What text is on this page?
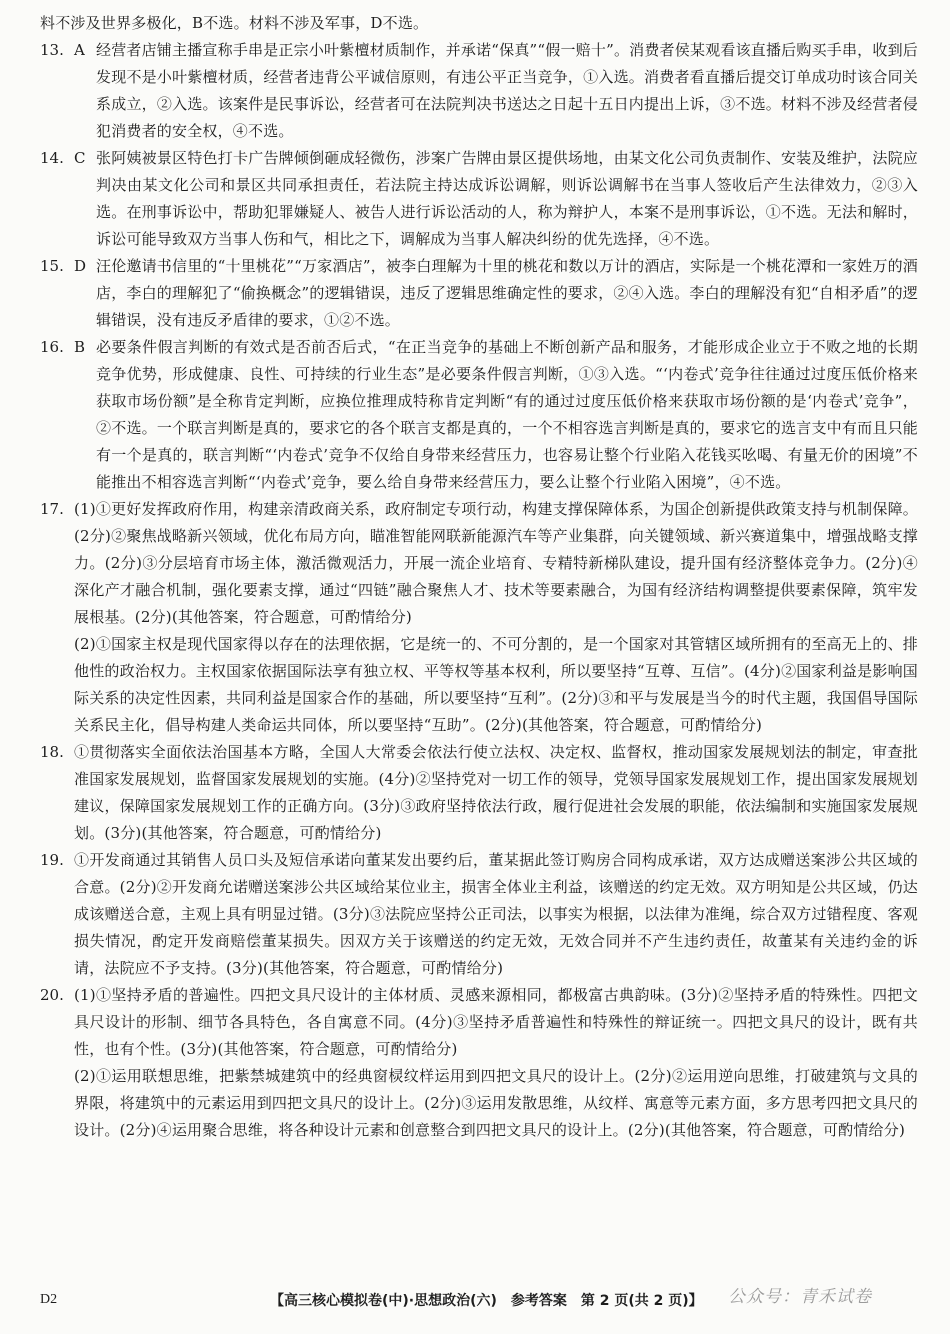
料不涉及世界多极化，B不选。材料不涉及军事，D不选。

13. A 经营者店铺主播宣称手串是正宗小叶紫檀材质制作，并承诺“保真”“假一赔十”。消费者侯某观看该直播后购买手串，收到后发现不是小叶紫檀材质，经营者违背公平诚信原则，有违公平正当竞争，①入选。消费者看直播后提交订单成功时该合同关系成立，②入选。该案件是民事诉讼，经营者可在法院判决书送达之日起十五日内提出上诉，③不选。材料不涉及经营者侵犯消费者的安全权，④不选。

14. C 张阿姨被景区特色打卡广告牌倾倒砸成轻微伤，涉案广告牌由景区提供场地，由某文化公司负责制作、安装及维护，法院应判决由某文化公司和景区共同承担责任，若法院主持达成诉讼调解，则诉讼调解书在当事人签收后产生法律效力，②③入选。在刑事诉讼中，帮助犯罪嫌疑人、被告人进行诉讼活动的人，称为辩护人，本案不是刑事诉讼，①不选。无法和解时，诉讼可能导致双方当事人伤和气，相比之下，调解成为当事人解决纠纷的优先选择，④不选。

15. D 汪伦邀请书信里的“十里桃花”“万家酒店”，被李白理解为十里的桃花和数以万计的酒店，实际是一个桃花潭和一家姓万的酒店，李白的理解犯了“偷换概念”的逻辑错误，违反了逻辑思维确定性的要求，②④入选。李白的理解没有犯“自相矛盾”的逻辑错误，没有违反矛盾律的要求，①②不选。

16. B 必要条件假言判断的有效式是否前否后式，“在正当竞争的基础上不断创新产品和服务，才能形成企业立于不败之地的长期竞争优势，形成健康、良性、可持续的行业生态”是必要条件假言判断，①③入选。“‘内卷式’竞争往往通过过度压低价格来获取市场份额”是全称肯定判断，应换位推理成特称肯定判断“有的通过过度压低价格来获取市场份额的是‘内卷式’竞争”，②不选。一个联言判断是真的，要求它的各个联言支都是真的，一个不相容选言判断是真的，要求它的选言支中有而且只能有一个是真的，联言判断“‘内卷式’竞争不仅给自身带来经营压力，也容易让整个行业陷入花钱买吆喝、有量无价的困境”不能推出不相容选言判断“‘内卷式’竞争，要么给自身带来经营压力，要么让整个行业陷入困境”，④不选。

17. (1)①更好发挥政府作用，构建亲清政商关系，政府制定专项行动，构建支撑保障体系，为国企创新提供政策支持与机制保障。(2分)②聚焦战略新兴领域，优化布局方向，瞄准智能网联新能源汽车等产业集群，向关键领域、新兴赛道集中，增强战略支撑力。(2分)③分层培育市场主体，激活微观活力，开展一流企业培育、专精特新梯队建设，提升国有经济整体竞争力。(2分)④深化产才融合机制，强化要素支撑，通过“四链”融合聚焦人才、技术等要素融合，为国有经济结构调整提供要素保障，筑牢发展根基。(2分)(其他答案，符合题意，可酌情给分)

(2)①国家主权是现代国家得以存在的法理依据，它是统一的、不可分割的，是一个国家对其管辖区域所拥有的至高无上的、排他性的政治权力。主权国家依据国际法享有独立权、平等权等基本权利，所以要坚持“互尊、互信”。(4分)②国家利益是影响国际关系的决定性因素，共同利益是国家合作的基础，所以要坚持“互利”。(2分)③和平与发展是当今的时代主题，我国倡导国际关系民主化，倡导构建人类命运共同体，所以要坚持“互助”。(2分)(其他答案，符合题意，可酌情给分)

18. ①贯彻落实全面依法治国基本方略，全国人大常委会依法行使立法权、决定权、监督权，推动国家发展规划法的制定，审查批准国家发展规划，监督国家发展规划的实施。(4分)②坚持党对一切工作的领导，党领导国家发展规划工作，提出国家发展规划建议，保障国家发展规划工作的正确方向。(3分)③政府坚持依法行政，履行促进社会发展的职能，依法编制和实施国家发展规划。(3分)(其他答案，符合题意，可酌情给分)

19. ①开发商通过其销售人员口头及短信承诺向董某发出要约后，董某据此签订购房合同构成承诺，双方达成赠送案涉公共区域的合意。(2分)②开发商允诺赠送案涉公共区域给某位业主，损害全体业主利益，该赠送的约定无效。双方明知是公共区域，仍达成该赠送合意，主观上具有明显过错。(3分)③法院应坚持公正司法，以事实为根据，以法律为准绳，综合双方过错程度、客观损失情况，酌定开发商赔偿董某损失。因双方关于该赠送的约定无效，无效合同并不产生违约责任，故董某有关违约金的诉请，法院应不予支持。(3分)(其他答案，符合题意，可酌情给分)

20. (1)①坚持矛盾的普遍性。四把文具尺设计的主体材质、灵感来源相同，都极富古典韵味。(3分)②坚持矛盾的特殊性。四把文具尺设计的形制、细节各具特色，各自寓意不同。(4分)③坚持矛盾普遍性和特殊性的辩证统一。四把文具尺的设计，既有共性，也有个性。(3分)(其他答案，符合题意，可酌情给分)

(2)①运用联想思维，把紫禁城建筑中的经典窗棂纹样运用到四把文具尺的设计上。(2分)②运用逆向思维，打破建筑与文具的界限，将建筑中的元素运用到四把文具尺的设计上。(2分)③运用发散思维，从纹样、寓意等元素方面，多方思考四把文具尺的设计。(2分)④运用聚合思维，将各种设计元素和创意整合到四把文具尺的设计上。(2分)(其他答案，符合题意，可酌情给分)

D2	【高三核心模拟卷(中)·思想政治(六)　参考答案　第 2 页(共 2 页)】 公众号：青禾试卷
